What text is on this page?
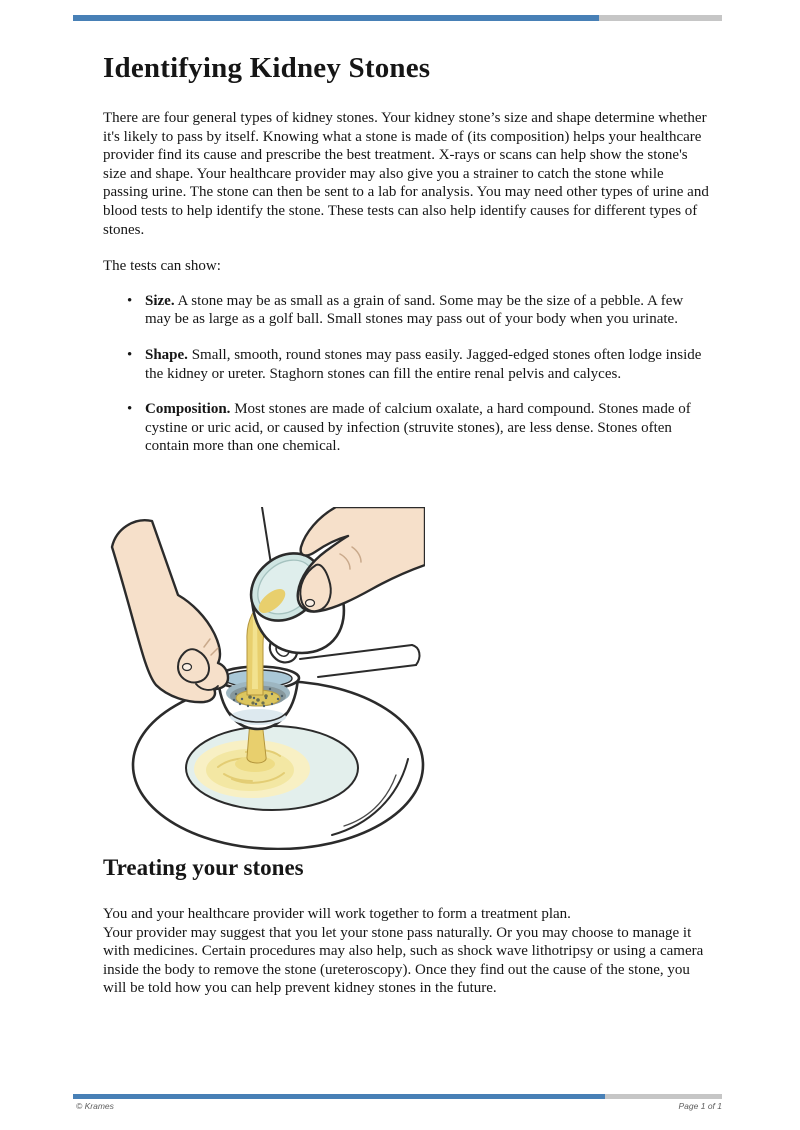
Identifying Kidney Stones

There are four general types of kidney stones. Your kidney stone’s size and shape determine whether it's likely to pass by itself. Knowing what a stone is made of (its composition) helps your healthcare provider find its cause and prescribe the best treatment. X-rays or scans can help show the stone's size and shape. Your healthcare provider may also give you a strainer to catch the stone while passing urine. The stone can then be sent to a lab for analysis. You may need other types of urine and blood tests to help identify the stone. These tests can also help identify causes for different types of stones.

The tests can show:

• Size. A stone may be as small as a grain of sand. Some may be the size of a pebble. A few may be as large as a golf ball. Small stones may pass out of your body when you urinate.
• Shape. Small, smooth, round stones may pass easily. Jagged-edged stones often lodge inside the kidney or ureter. Staghorn stones can fill the entire renal pelvis and calyces.
• Composition. Most stones are made of calcium oxalate, a hard compound. Stones made of cystine or uric acid, or caused by infection (struvite stones), are less dense. Stones often contain more than one chemical.
Treating your stones
You and your healthcare provider will work together to form a treatment plan.
Your provider may suggest that you let your stone pass naturally. Or you may choose to manage it with medicines. Certain procedures may also help, such as shock wave lithotripsy or using a camera inside the body to remove the stone (ureteroscopy). Once they find out the cause of the stone, you will be told how you can help prevent kidney stones in the future.
© Krames	Page 1 of 1
